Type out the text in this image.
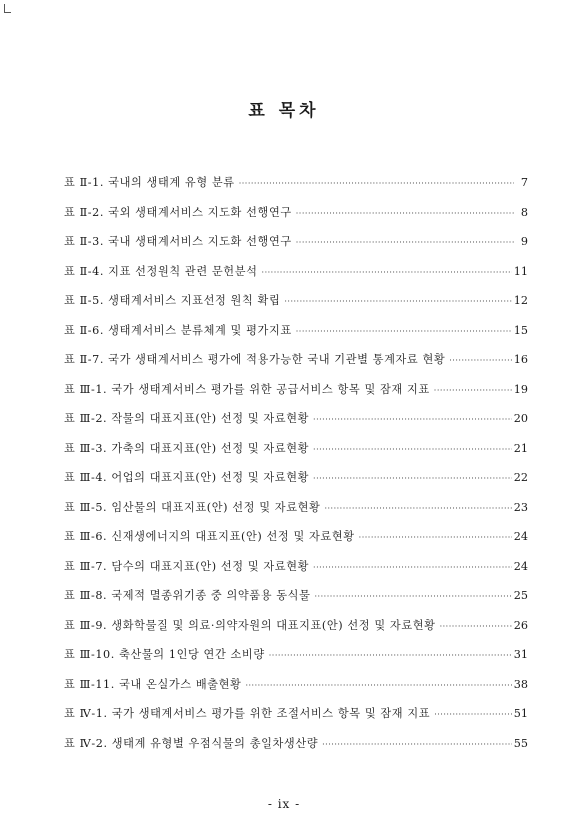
표 목차
표 Ⅱ-1. 국내의 생태계 유형 분류 ·····	7
표 Ⅱ-2. 국외 생태계서비스 지도화 선행연구 ·····	8
표 Ⅱ-3. 국내 생태계서비스 지도화 선행연구 ·····	9
표 Ⅱ-4. 지표 선정원칙 관련 문헌분석 ·····	11
표 Ⅱ-5. 생태계서비스 지표선정 원칙 확립 ·····	12
표 Ⅱ-6. 생태계서비스 분류체계 및 평가지표 ·····	15
표 Ⅱ-7. 국가 생태계서비스 평가에 적용가능한 국내 기관별 통계자료 현황 ·····	16
표 Ⅲ-1. 국가 생태계서비스 평가를 위한 공급서비스 항목 및 잠재 지표 ·····	19
표 Ⅲ-2. 작물의 대표지표(안) 선정 및 자료현황 ·····	20
표 Ⅲ-3. 가축의 대표지표(안) 선정 및 자료현황 ·····	21
표 Ⅲ-4. 어업의 대표지표(안) 선정 및 자료현황 ·····	22
표 Ⅲ-5. 임산물의 대표지표(안) 선정 및 자료현황 ·····	23
표 Ⅲ-6. 신재생에너지의 대표지표(안) 선정 및 자료현황 ·····	24
표 Ⅲ-7. 담수의 대표지표(안) 선정 및 자료현황 ·····	24
표 Ⅲ-8. 국제적 멸종위기종 중 의약품용 동식물 ·····	25
표 Ⅲ-9. 생화학물질 및 의료·의약자원의 대표지표(안) 선정 및 자료현황 ·····	26
표 Ⅲ-10. 축산물의 1인당 연간 소비량 ·····	31
표 Ⅲ-11. 국내 온실가스 배출현황 ·····	38
표 Ⅳ-1. 국가 생태계서비스 평가를 위한 조절서비스 항목 및 잠재 지표 ·····	51
표 Ⅳ-2. 생태계 유형별 우점식물의 총일차생산량 ·····	55

- ix -
